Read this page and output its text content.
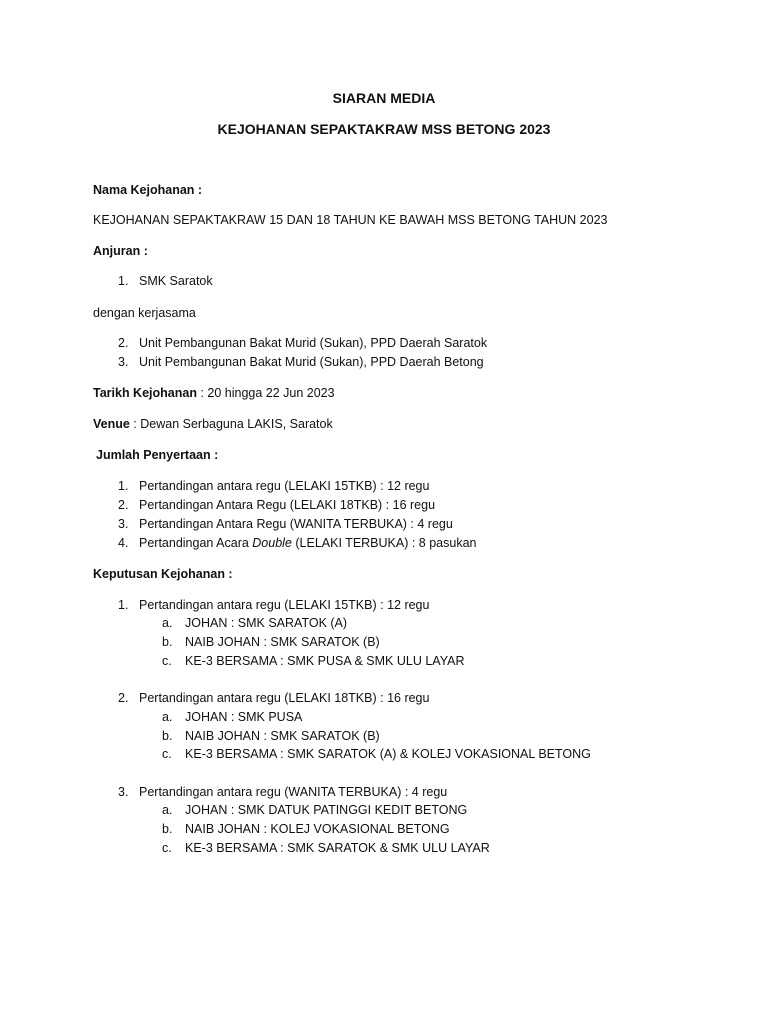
SIARAN MEDIA
KEJOHANAN SEPAKTAKRAW MSS BETONG 2023
Nama Kejohanan :
KEJOHANAN SEPAKTAKRAW 15 DAN 18 TAHUN KE BAWAH MSS BETONG TAHUN 2023
Anjuran :
1. SMK Saratok
dengan kerjasama
2. Unit Pembangunan Bakat Murid (Sukan), PPD Daerah Saratok
3. Unit Pembangunan Bakat Murid (Sukan), PPD Daerah Betong
Tarikh Kejohanan : 20 hingga 22 Jun 2023
Venue : Dewan Serbaguna LAKIS, Saratok
Jumlah Penyertaan :
1. Pertandingan antara regu (LELAKI 15TKB) : 12 regu
2. Pertandingan Antara Regu (LELAKI 18TKB) : 16 regu
3. Pertandingan Antara Regu (WANITA TERBUKA) : 4 regu
4. Pertandingan Acara Double (LELAKI TERBUKA) : 8 pasukan
Keputusan Kejohanan :
1. Pertandingan antara regu (LELAKI 15TKB) : 12 regu
a. JOHAN : SMK SARATOK (A)
b. NAIB JOHAN : SMK SARATOK (B)
c. KE-3 BERSAMA : SMK PUSA & SMK ULU LAYAR
2. Pertandingan antara regu (LELAKI 18TKB) : 16 regu
a. JOHAN : SMK PUSA
b. NAIB JOHAN : SMK SARATOK (B)
c. KE-3 BERSAMA : SMK SARATOK (A) & KOLEJ VOKASIONAL BETONG
3. Pertandingan antara regu (WANITA TERBUKA) : 4 regu
a. JOHAN : SMK DATUK PATINGGI KEDIT BETONG
b. NAIB JOHAN : KOLEJ VOKASIONAL BETONG
c. KE-3 BERSAMA : SMK SARATOK & SMK ULU LAYAR
